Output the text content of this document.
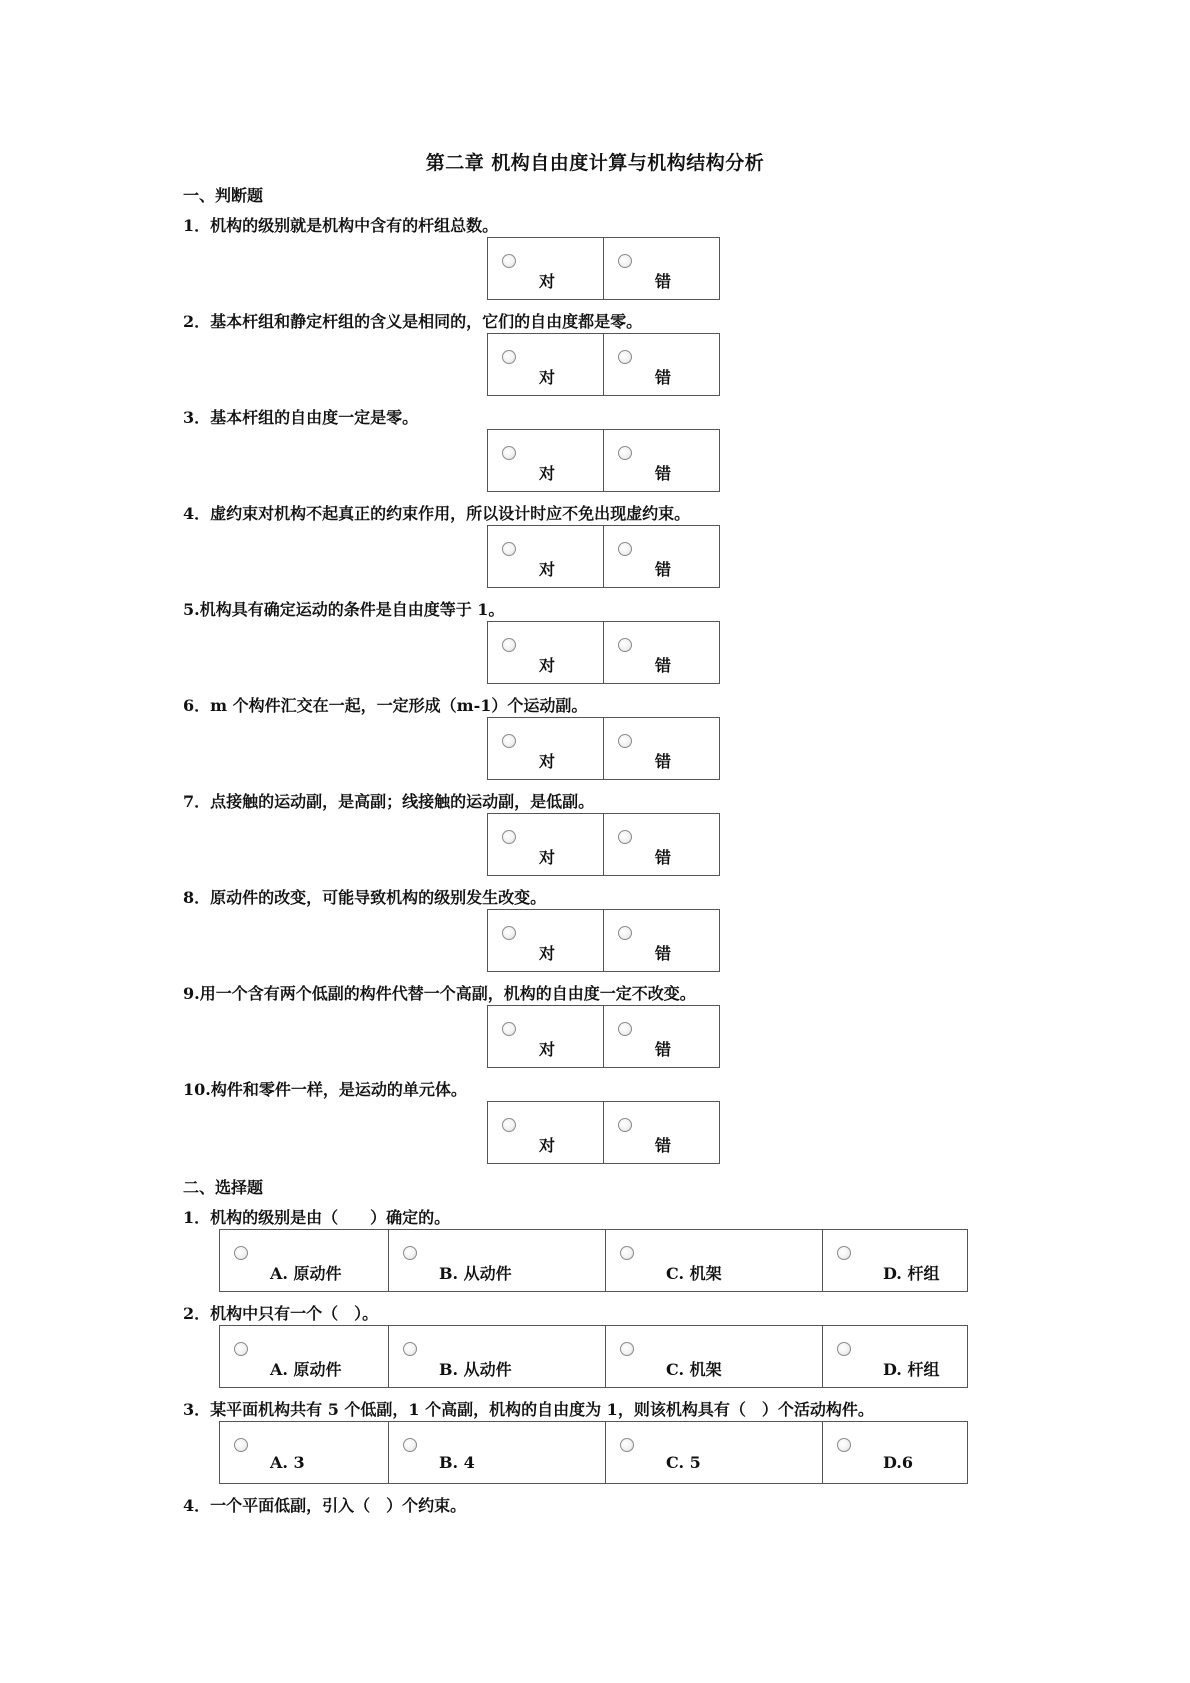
第二章 机构自由度计算与机构结构分析
一、判断题
1．机构的级别就是机构中含有的杆组总数。
对	错
2．基本杆组和静定杆组的含义是相同的，它们的自由度都是零。
对	错
3．基本杆组的自由度一定是零。
对	错
4．虚约束对机构不起真正的约束作用，所以设计时应不免出现虚约束。
对	错
5.机构具有确定运动的条件是自由度等于 1。
对	错
6．m 个构件汇交在一起，一定形成（m-1）个运动副。
对	错
7．点接触的运动副，是高副；线接触的运动副，是低副。
对	错
8．原动件的改变，可能导致机构的级别发生改变。
对	错
9.用一个含有两个低副的构件代替一个高副，机构的自由度一定不改变。
对	错
10.构件和零件一样，是运动的单元体。
对	错
二、选择题
1．机构的级别是由（　　）确定的。
A. 原动件	B. 从动件	C. 机架	D. 杆组
2．机构中只有一个（　）。
A. 原动件	B. 从动件	C. 机架	D. 杆组
3．某平面机构共有 5 个低副，1 个高副，机构的自由度为 1，则该机构具有（　）个活动构件。
A. 3	B. 4	C. 5	D.6
4．一个平面低副，引入（　）个约束。
